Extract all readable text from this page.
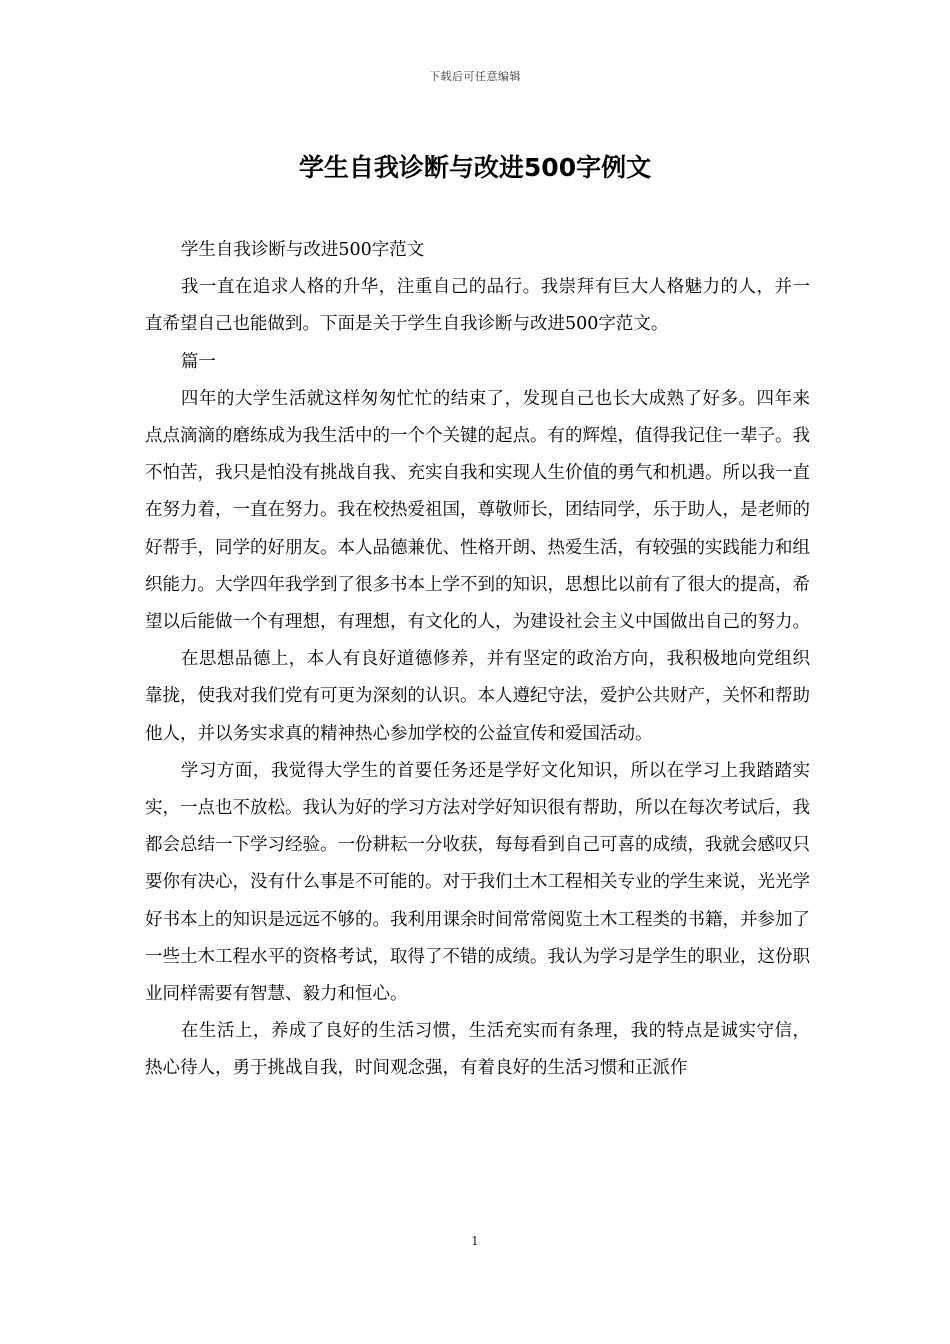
下载后可任意编辑
学生自我诊断与改进500字例文

学生自我诊断与改进500字范文

我一直在追求人格的升华，注重自己的品行。我崇拜有巨大人格魅力的人，并一直希望自己也能做到。下面是关于学生自我诊断与改进500字范文。

篇一

四年的大学生活就这样匆匆忙忙的结束了，发现自己也长大成熟了好多。四年来点点滴滴的磨练成为我生活中的一个个关键的起点。有的辉煌，值得我记住一辈子。我不怕苦，我只是怕没有挑战自我、充实自我和实现人生价值的勇气和机遇。所以我一直在努力着，一直在努力。我在校热爱祖国，尊敬师长，团结同学，乐于助人，是老师的好帮手，同学的好朋友。本人品德兼优、性格开朗、热爱生活，有较强的实践能力和组织能力。大学四年我学到了很多书本上学不到的知识，思想比以前有了很大的提高，希望以后能做一个有理想，有理想，有文化的人，为建设社会主义中国做出自己的努力。

在思想品德上，本人有良好道德修养，并有坚定的政治方向，我积极地向党组织靠拢，使我对我们党有可更为深刻的认识。本人遵纪守法，爱护公共财产，关怀和帮助他人，并以务实求真的精神热心参加学校的公益宣传和爱国活动。

学习方面，我觉得大学生的首要任务还是学好文化知识，所以在学习上我踏踏实实，一点也不放松。我认为好的学习方法对学好知识很有帮助，所以在每次考试后，我都会总结一下学习经验。一份耕耘一分收获，每每看到自己可喜的成绩，我就会感叹只要你有决心，没有什么事是不可能的。对于我们土木工程相关专业的学生来说，光光学好书本上的知识是远远不够的。我利用课余时间常常阅览土木工程类的书籍，并参加了一些土木工程水平的资格考试，取得了不错的成绩。我认为学习是学生的职业，这份职业同样需要有智慧、毅力和恒心。

在生活上，养成了良好的生活习惯，生活充实而有条理，我的特点是诚实守信，热心待人，勇于挑战自我，时间观念强，有着良好的生活习惯和正派作

1
